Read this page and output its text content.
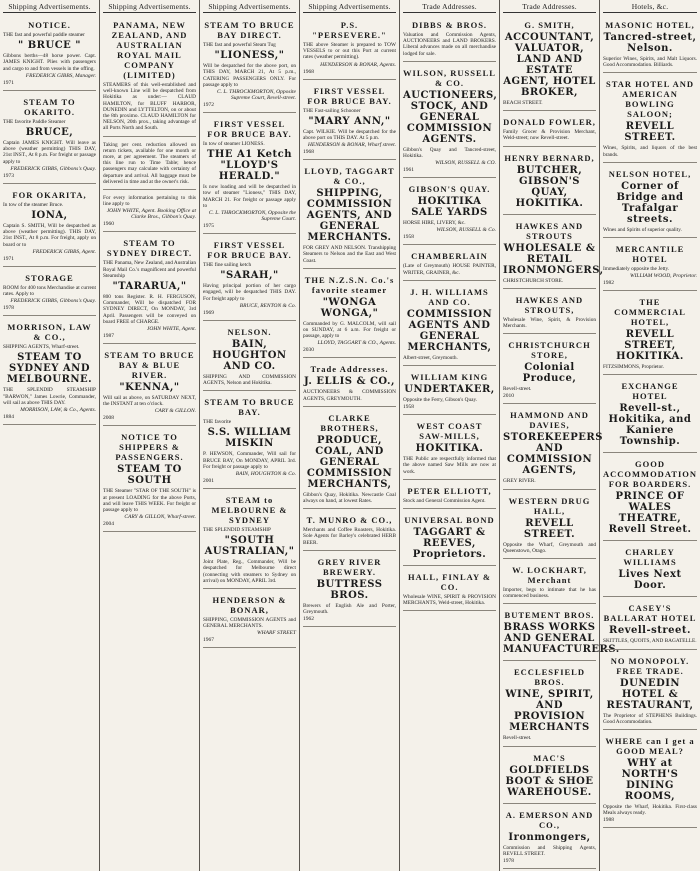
Shipping Advertisements.
NOTICE.
THE fast and powerful paddle steamer
" BRUCE "
Gibbons berths—48 horse power. Capt. JAMES KNIGHT. Plies with passengers and cargo to and from vessels in the offing.
FREDERICK GIBBS, Manager.
1971
STEAM TO OKARITO.
THE favorite Paddle Steamer
BRUCE,
Captain JAMES KNIGHT. Will leave as above (weather permitting) THIS DAY, 21st INST., At 8 p.m. For freight or passage apply to
FREDERICK GIBBS, Gibbons's Quay.
1973
FOR OKARITA,
In tow of the steamer Bruce.
IONA,
Captain S. SMITH, Will be despatched as above (weather permitting). THIS DAY, 21st INST., At 8 p.m. For freight, apply on board or to
FREDERICK GIBBS, Agent.
1971
STORAGE
ROOM for 400 tons Merchandise at current rates. Apply to
FREDERICK GIBBS, Gibbons's Quay.
1978
MORRISON, LAW & CO.,
SHIPPING AGENTS, Wharf-street.
STEAM TO SYDNEY AND MELBOURNE.
THE SPLENDID STEAMSHIP "BARWON," James Lowrie, Commander, will sail as above THIS DAY.
MORRISON, LAW, & Co., Agents.
1884
Shipping Advertisements.
PANAMA, NEW ZEALAND, AND AUSTRALIAN ROYAL MAIL COMPANY (LIMITED)
STEAMERS of this well-established and well-known Line will be despatched from Hokitika as under:— CLAUD HAMILTON, for BLUFF HARBOR, DUNEDIN and LYTTELTON, on or about the 8th proximo. CLAUD HAMILTON for NELSON, 20th prox., taking advantage of all Ports North and South.
Taking per cent. reduction allowed on return tickets, available for one month or more, at per agreement. The steamers of this line run to Time Table; hence passengers may calculate with certainty of departure and arrival. All baggage must be delivered in time and at the owner's risk.
For every information pertaining to this line apply to
JOHN WHITE, Agent. Booking Office at Clarke Bros., Gibbon's Quay.
1960
STEAM TO SYDNEY DIRECT.
THE Panama, New Zealand, and Australian Royal Mail Co.'s magnificent and powerful Steamship
"TARARUA,"
800 tons Register. R. H. FERGUSON, Commander, Will be dispatched FOR SYDNEY DIRECT, On MONDAY, 3rd April. Passengers will be conveyed on board FREE of CHARGE.
JOHN WHITE, Agent.
1987
STEAM TO BRUCE BAY & BLUE RIVER.
"KENNA,"
Will sail as above, on SATURDAY NEXT, the INSTANT at ten o'clock.
CARY & GILLON.
2008
NOTICE TO SHIPPERS & PASSENGERS.
STEAM TO SOUTH
THE Steamer "STAR OF THE SOUTH" is at present LOADING for the above Ports, and will leave THIS WEEK. For freight or passage apply to
CARY & GILLON, Wharf-street.
2004
Shipping Advertisements.
STEAM TO BRUCE BAY DIRECT.
THE fast and powerful Steam Tug
"LIONESS,"
Will be despatched for the above port, on THIS DAY, MARCH 21, At 5 p.m., CATERING PASSENGERS ONLY. For passage apply to
C. L. THROCKMORTON, Opposite Supreme Court, Revell-street.
1972
FIRST VESSEL FOR BRUCE BAY.
In tow of steamer LIONESS.
THE A1 Ketch "LLOYD'S HERALD."
Is now loading and will be despatched in tow of steamer "Lioness," THIS DAY, MARCH 21. For freight or passage apply to
C. L. THROCKMORTON, Opposite the Supreme Court.
1975
FIRST VESSEL FOR BRUCE BAY.
THE fine sailing ketch
"SARAH,"
Having principal portion of her cargo engaged, will be despatched THIS DAY. For freight apply to
BRUCE, RENTON & Co.
1969
NELSON.
BAIN, HOUGHTON AND CO.
SHIPPING AND COMMISSION AGENTS, Nelson and Hokitika.
STEAM TO BRUCE BAY.
THE favorite
S.S. WILLIAM MISKIN
P. HEWSON, Commander, Will sail for BRUCE BAY, On MONDAY, APRIL 3rd. For freight or passage apply to
BAIN, HOUGHTON & Co.
2001
STEAM to MELBOURNE & SYDNEY
THE SPLENDID STEAMSHIP
"SOUTH AUSTRALIAN,"
Joint Plate, Reg., Commander, Will be despatched for Melbourne direct (connecting with steamers to Sydney on arrival) on MONDAY, APRIL 3rd.
HENDERSON & BONAR,
SHIPPING, COMMISSION AGENTS and GENERAL MERCHANTS.
WHARF STREET
1967
Shipping Advertisements.
P.S. "PERSEVERE."
THE above Steamer is prepared to TOW VESSELS to or out this Port at current rates (weather permitting).
HENDERSON & BONAR, Agents.
1968
FIRST VESSEL FOR BRUCE BAY.
THE Fast-sailing Schooner
"MARY ANN,"
Capt. WILKIE. Will be despatched for the above port on THIS DAY. At 5 p.m.
HENDERSON & BONAR, Wharf street.
1968
LLOYD, TAGGART & CO.,
SHIPPING, COMMISSION AGENTS, AND GENERAL MERCHANTS.
FOR GREY AND NELSON. Transhipping Steamers to Nelson and the East and West Coast.
THE N.Z.S.N. Co.'s favorite steamer
"WONGA WONGA,"
Commanded by G. MALCOLM, will sail on SUNDAY, at 6 a.m. For freight or passage, apply to
LLOYD, TAGGART & CO., Agents.
2030
Trade Addresses.
J. ELLIS & CO.,
AUCTIONEERS & COMMISSION AGENTS, GREYMOUTH.
CLARKE BROTHERS,
PRODUCE, COAL, AND GENERAL COMMISSION MERCHANTS,
Gibbon's Quay, Hokitika. Newcastle Coal always on hand, at lowest Rates.
T. MUNRO & CO.,
Merchants and Coffee Roasters, Hokitika. Sole Agents for Barley's celebrated HERB BEER.
GREY RIVER BREWERY.
BUTTRESS BROS.
Brewers of English Ale and Porter, Greymouth.
1962
Trade Addresses.
DIBBS & BROS.
Valuation and Commission Agents, AUCTIONEERS and LAND BROKERS. Liberal advances made on all merchandise lodged for sale.
WILSON, RUSSELL & CO.
AUCTIONEERS, STOCK, AND GENERAL COMMISSION AGENTS.
Gibbon's Quay and Tancred-street, Hokitika.
WILSON, RUSSELL & CO.
1961
GIBSON'S QUAY.
HOKITIKA SALE YARDS
HORSE HIRE, LIVERY, &c.
WILSON, RUSSELL & Co.
1958
CHAMBERLAIN
(Late of Greymouth) HOUSE PAINTER, WRITER, GRAINER, &c.
J. H. WILLIAMS AND CO.
COMMISSION AGENTS AND GENERAL MERCHANTS,
Albert-street, Greymouth.
WILLIAM KING
UNDERTAKER,
Opposite the Ferry, Gibson's Quay.
1958
WEST COAST SAW-MILLS,
HOKITIKA.
THE Public are respectfully informed that the above named Saw Mills are now at work.
PETER ELLIOTT,
Stock and General Commission Agent.
UNIVERSAL BOND
TAGGART & REEVES, Proprietors.
HALL, FINLAY & CO.
Wholesale WINE, SPIRIT & PROVISION MERCHANTS, Weld-street, Hokitika.
Trade Addresses.
G. SMITH,
ACCOUNTANT, VALUATOR, LAND AND ESTATE AGENT, HOTEL BROKER,
BEACH STREET.
DONALD FOWLER,
Family Grocer & Provision Merchant, Weld-street; now Revell-street.
HENRY BERNARD,
BUTCHER, GIBSON'S QUAY, HOKITIKA.
HAWKES AND STROUTS
WHOLESALE & RETAIL IRONMONGERS,
CHRISTCHURCH STORE.
HAWKES AND STROUTS,
Wholesale Wine, Spirit, & Provision Merchants.
CHRISTCHURCH STORE,
Colonial Produce,
Revell-street.
2010
HAMMOND AND DAVIES,
STOREKEEPERS AND COMMISSION AGENTS,
GREY RIVER.
WESTERN DRUG HALL,
REVELL STREET.
Opposite the Wharf, Greymouth and Queenstown, Otago.
W. LOCKHART, Merchant
Importer, begs to intimate that he has commenced business.
BUTEMENT BROS.
BRASS WORKS AND GENERAL MANUFACTURERS.
ECCLESFIELD BROS.
WINE, SPIRIT, AND PROVISION MERCHANTS
Revell-street.
MAC'S
GOLDFIELDS BOOT & SHOE WAREHOUSE.
A. EMERSON AND CO.,
Ironmongers,
Commission and Shipping Agents, REVELL STREET.
1978
Hotels, &c.
MASONIC HOTEL,
Tancred-street, Nelson.
Superior Wines, Spirits, and Malt Liquors. Good Accommodation. Billiards.
STAR HOTEL AND AMERICAN BOWLING SALOON;
REVELL STREET.
Wines, Spirits, and liquors of the best brands.
NELSON HOTEL,
Corner of Bridge and Trafalgar streets.
Wines and Spirits of superior quality.
MERCANTILE HOTEL
Immediately opposite the Jetty.
WILLIAM WOOD, Proprietor.
1982
THE COMMERCIAL HOTEL,
REVELL STREET, HOKITIKA.
FITZSIMMONS, Proprietor.
EXCHANGE HOTEL
Revell-st., Hokitika, and Kaniere Township.
GOOD ACCOMMODATION FOR BOARDERS.
PRINCE OF WALES THEATRE, Revell Street.
CHARLEY WILLIAMS
Lives Next Door.
CASEY'S BALLARAT HOTEL
Revell-street.
SKITTLES, QUOITS, AND BAGATELLE.
NO MONOPOLY. FREE TRADE.
DUNEDIN HOTEL & RESTAURANT,
The Proprietor of STEPHENS Buildings. Good Accommodation.
WHERE can I get a GOOD MEAL?
WHY at NORTH'S DINING ROOMS,
Opposite the Wharf, Hokitika. First-class Meals always ready.
1988
